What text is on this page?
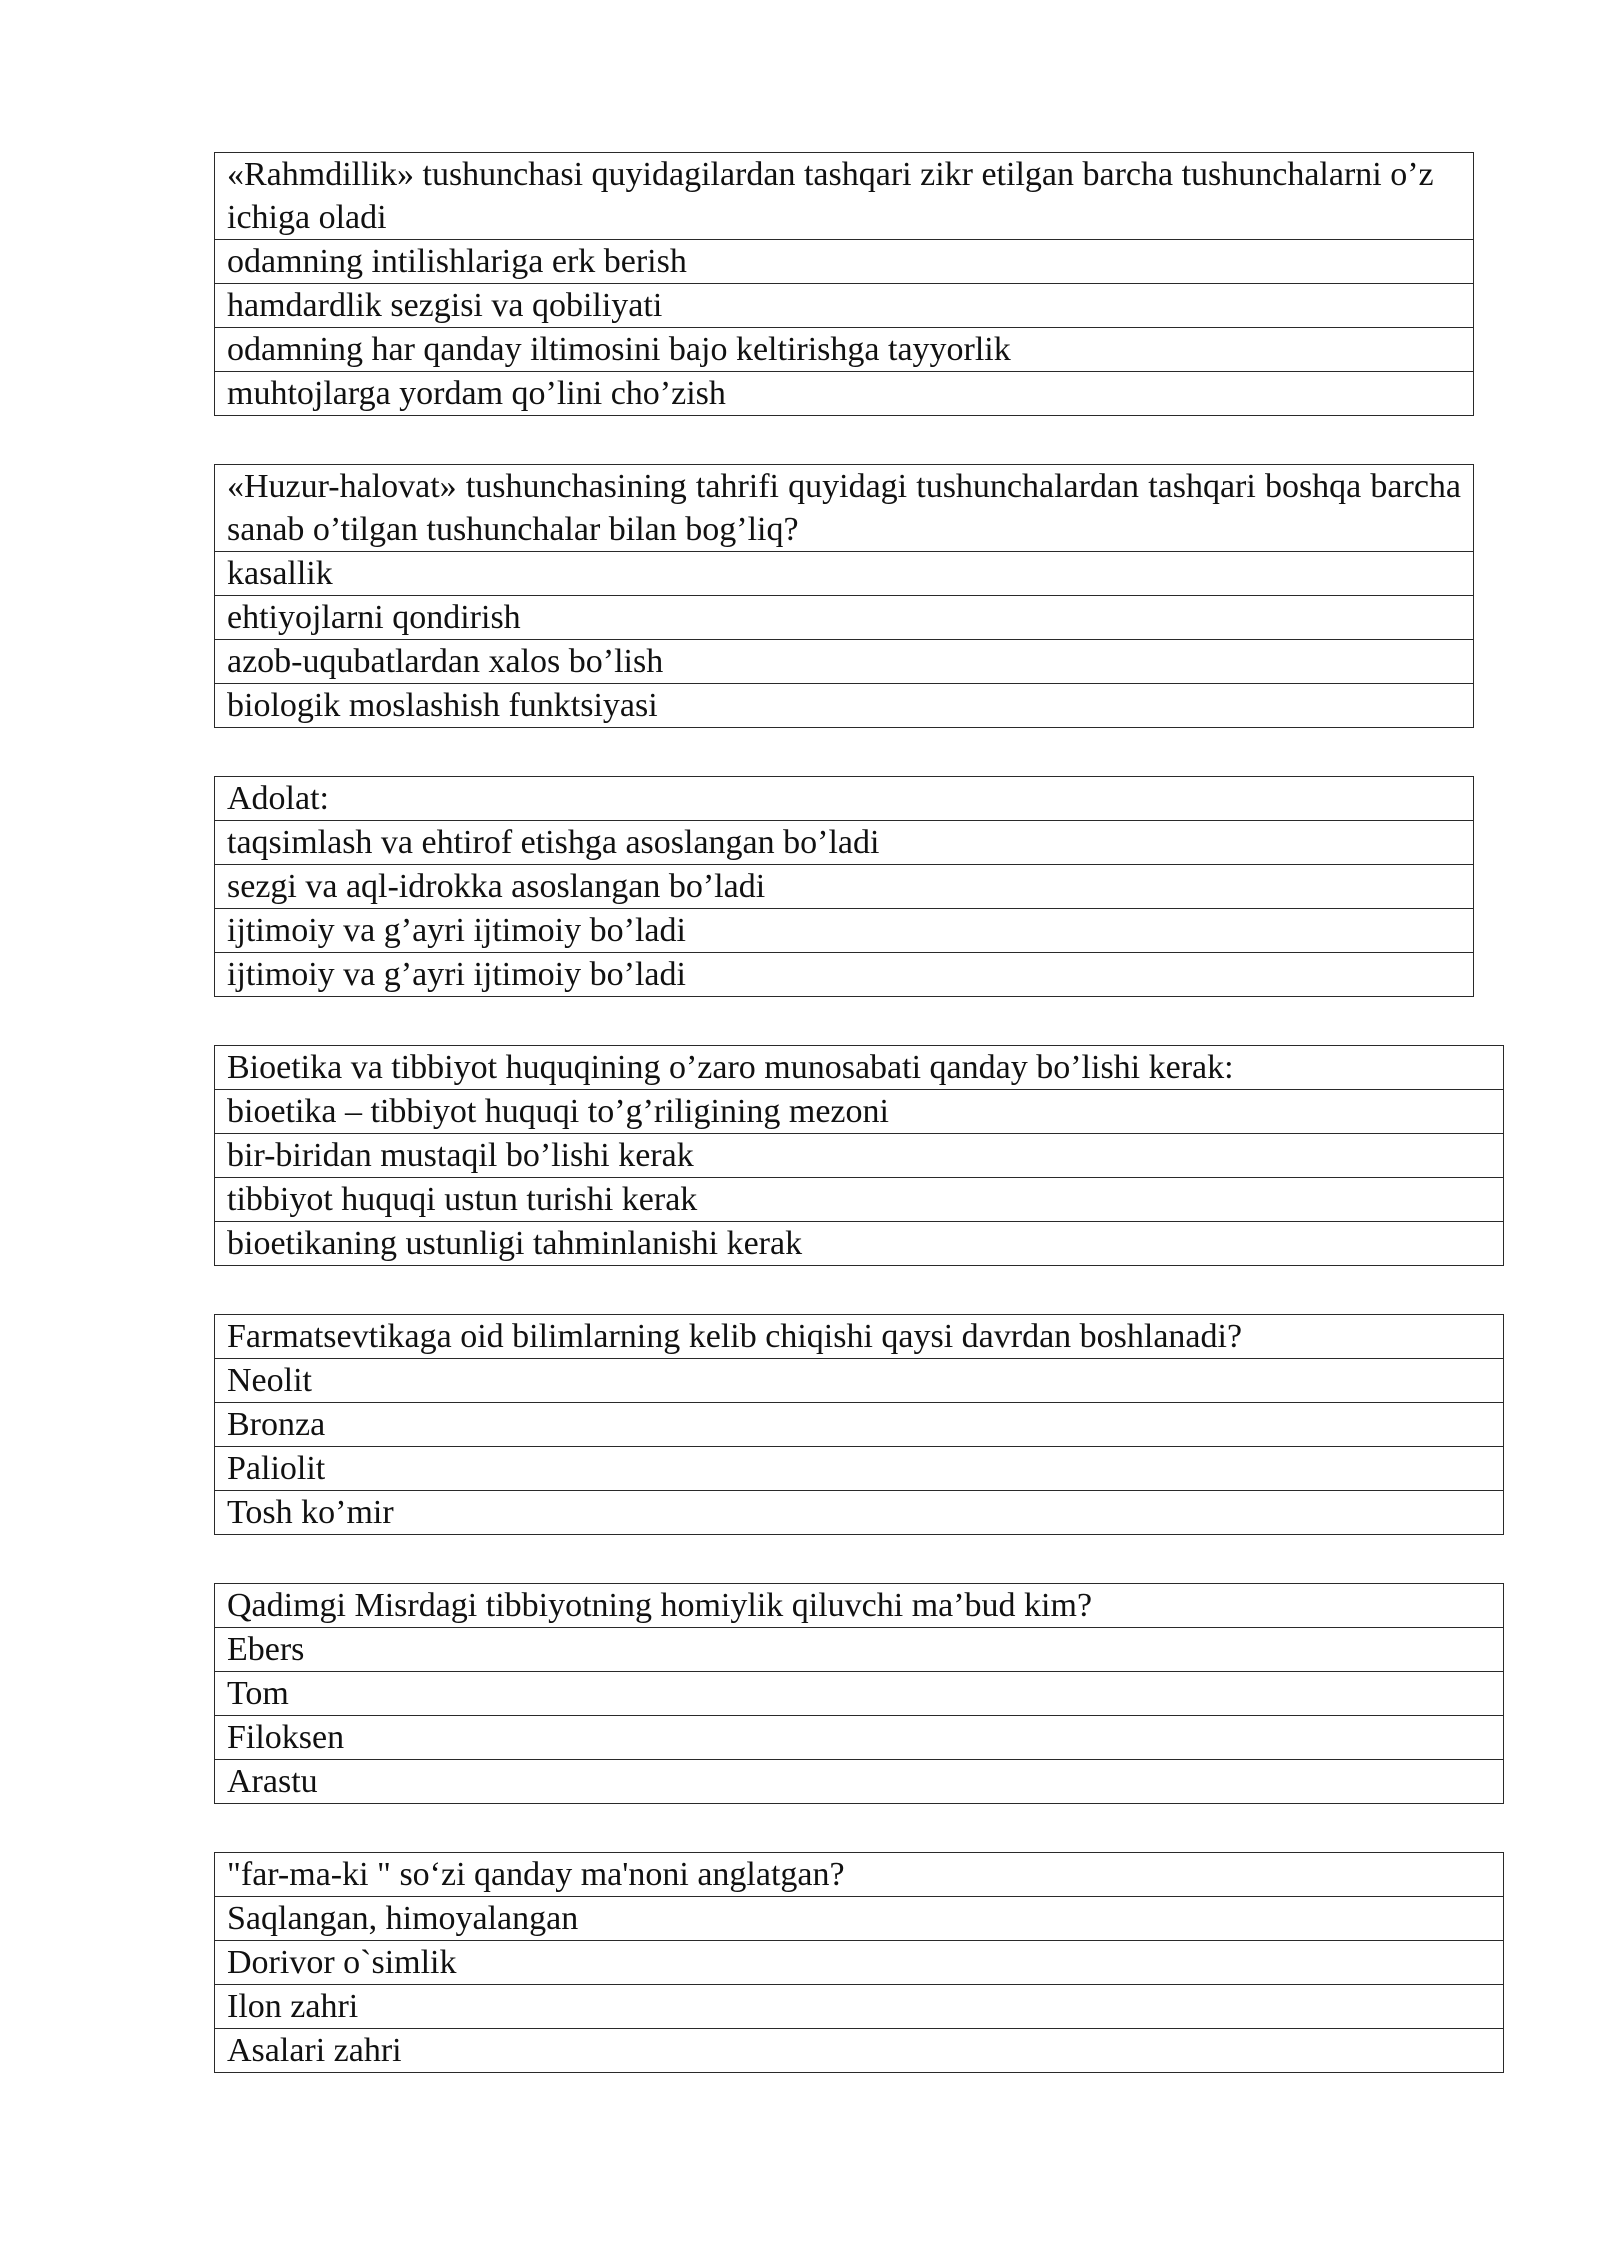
«Rahmdillik» tushunchasi quyidagilardan tashqari zikr etilgan barcha tushunchalarni o’z ichiga oladi
odamning intilishlariga erk berish
hamdardlik sezgisi va qobiliyati
odamning har qanday iltimosini bajo keltirishga tayyorlik
muhtojlarga yordam qo’lini cho’zish
«Huzur-halovat» tushunchasining tahrifi quyidagi tushunchalardan tashqari boshqa barcha sanab o’tilgan tushunchalar bilan bog’liq?
kasallik
ehtiyojlarni qondirish
azob-uqubatlardan xalos bo’lish
biologik moslashish funktsiyasi
Adolat:
taqsimlash va ehtirof etishga asoslangan bo’ladi
sezgi va aql-idrokka asoslangan bo’ladi
ijtimoiy va g’ayri ijtimoiy bo’ladi
ijtimoiy va g’ayri ijtimoiy bo’ladi
Bioetika va tibbiyot huquqining o’zaro munosabati qanday bo’lishi kerak:
bioetika – tibbiyot huquqi to’g’riligining mezoni
bir-biridan mustaqil bo’lishi kerak
tibbiyot huquqi ustun turishi kerak
bioetikaning ustunligi tahminlanishi kerak
Farmatsevtikaga oid bilimlarning kelib chiqishi qaysi davrdan boshlanadi?
Neolit
Bronza
Paliolit
Tosh ko’mir
Qadimgi Misrdagi tibbiyotning homiylik qiluvchi ma’bud kim?
Ebers
Tom
Filoksen
Arastu
"far-ma-ki " so‘zi qanday ma'noni anglatgan?
Saqlangan, himoyalangan
Dorivor o`simlik
Ilon zahri
Asalari zahri
